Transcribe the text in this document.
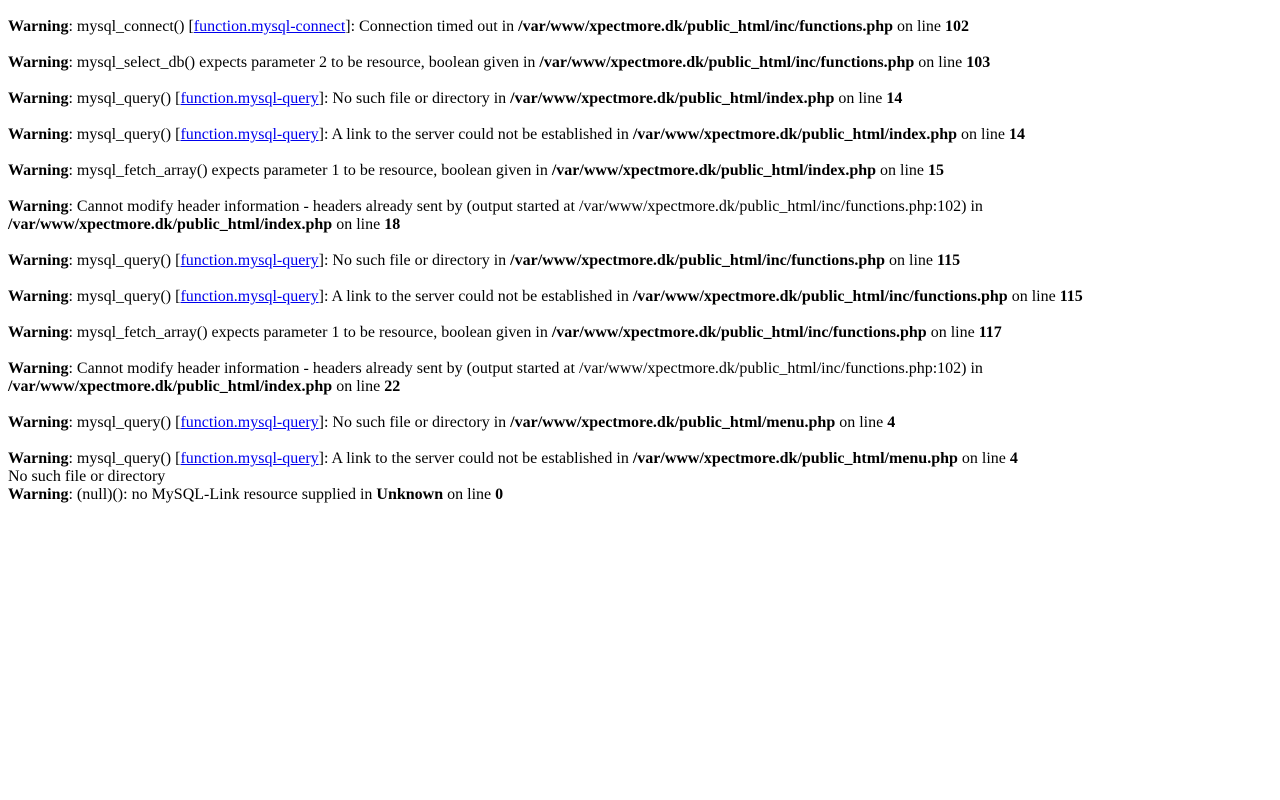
Warning: mysql_connect() [function.mysql-connect]: Connection timed out in /var/www/xpectmore.dk/public_html/inc/functions.php on line 102
Warning: mysql_select_db() expects parameter 2 to be resource, boolean given in /var/www/xpectmore.dk/public_html/inc/functions.php on line 103
Warning: mysql_query() [function.mysql-query]: No such file or directory in /var/www/xpectmore.dk/public_html/index.php on line 14
Warning: mysql_query() [function.mysql-query]: A link to the server could not be established in /var/www/xpectmore.dk/public_html/index.php on line 14
Warning: mysql_fetch_array() expects parameter 1 to be resource, boolean given in /var/www/xpectmore.dk/public_html/index.php on line 15
Warning: Cannot modify header information - headers already sent by (output started at /var/www/xpectmore.dk/public_html/inc/functions.php:102) in /var/www/xpectmore.dk/public_html/index.php on line 18
Warning: mysql_query() [function.mysql-query]: No such file or directory in /var/www/xpectmore.dk/public_html/inc/functions.php on line 115
Warning: mysql_query() [function.mysql-query]: A link to the server could not be established in /var/www/xpectmore.dk/public_html/inc/functions.php on line 115
Warning: mysql_fetch_array() expects parameter 1 to be resource, boolean given in /var/www/xpectmore.dk/public_html/inc/functions.php on line 117
Warning: Cannot modify header information - headers already sent by (output started at /var/www/xpectmore.dk/public_html/inc/functions.php:102) in /var/www/xpectmore.dk/public_html/index.php on line 22
Warning: mysql_query() [function.mysql-query]: No such file or directory in /var/www/xpectmore.dk/public_html/menu.php on line 4
Warning: mysql_query() [function.mysql-query]: A link to the server could not be established in /var/www/xpectmore.dk/public_html/menu.php on line 4
No such file or directory
Warning: (null)(): no MySQL-Link resource supplied in Unknown on line 0
